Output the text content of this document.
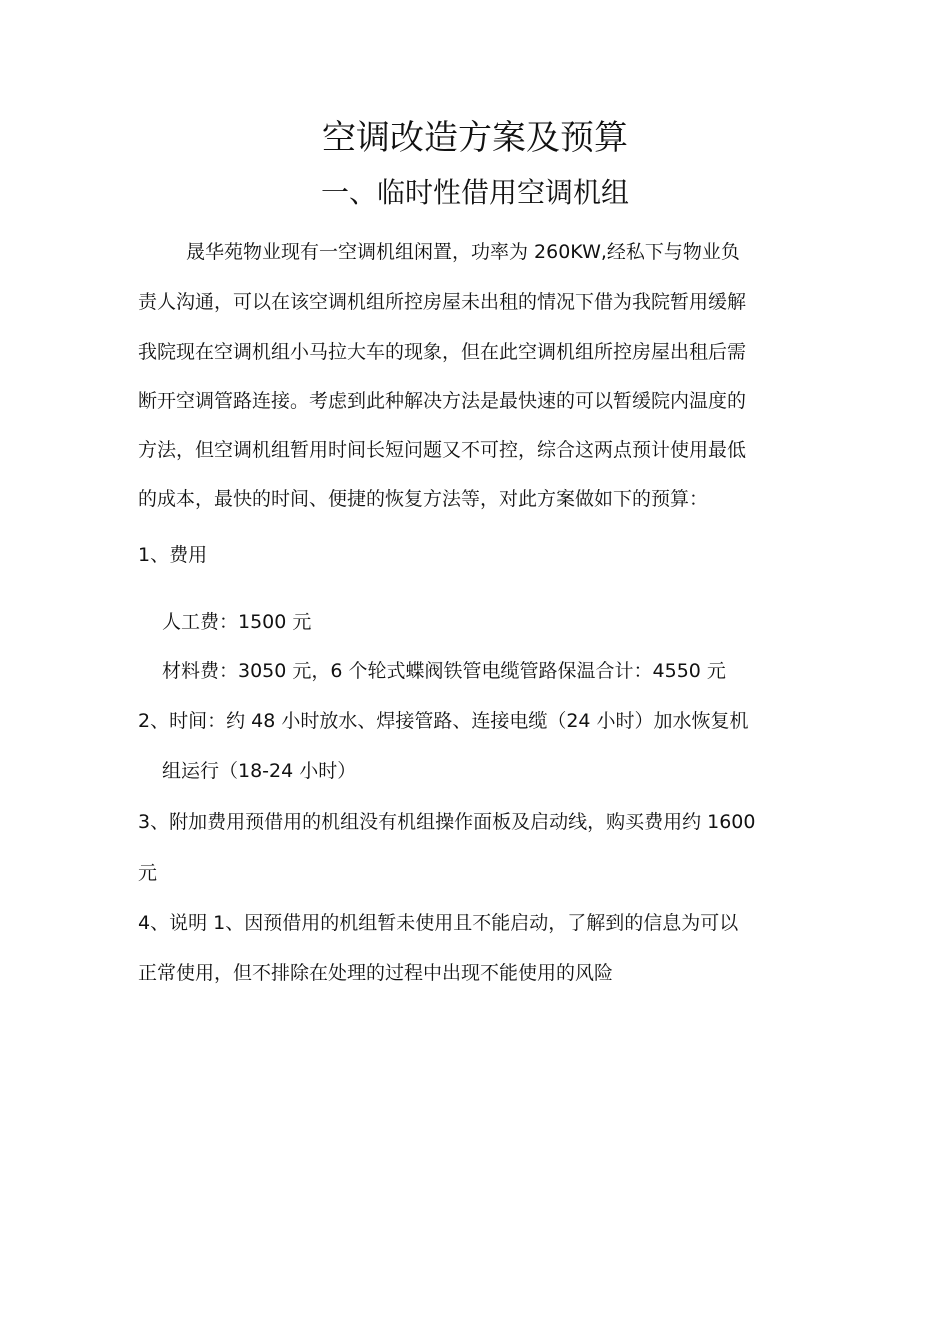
空调改造方案及预算
一、临时性借用空调机组

晟华苑物业现有一空调机组闲置，功率为 260KW,经私下与物业负

责人沟通，可以在该空调机组所控房屋未出租的情况下借为我院暂用缓解

我院现在空调机组小马拉大车的现象，但在此空调机组所控房屋出租后需

断开空调管路连接。考虑到此种解决方法是最快速的可以暂缓院内温度的

方法，但空调机组暂用时间长短问题又不可控，综合这两点预计使用最低

的成本，最快的时间、便捷的恢复方法等，对此方案做如下的预算：

1、费用

人工费：1500 元

材料费：3050 元，6 个轮式蝶阀铁管电缆管路保温合计：4550 元

2、时间：约 48 小时放水、焊接管路、连接电缆（24 小时）加水恢复机

组运行（18-24 小时）

3、附加费用预借用的机组没有机组操作面板及启动线，购买费用约 1600

元

4、说明 1、因预借用的机组暂未使用且不能启动，了解到的信息为可以

正常使用，但不排除在处理的过程中出现不能使用的风险
